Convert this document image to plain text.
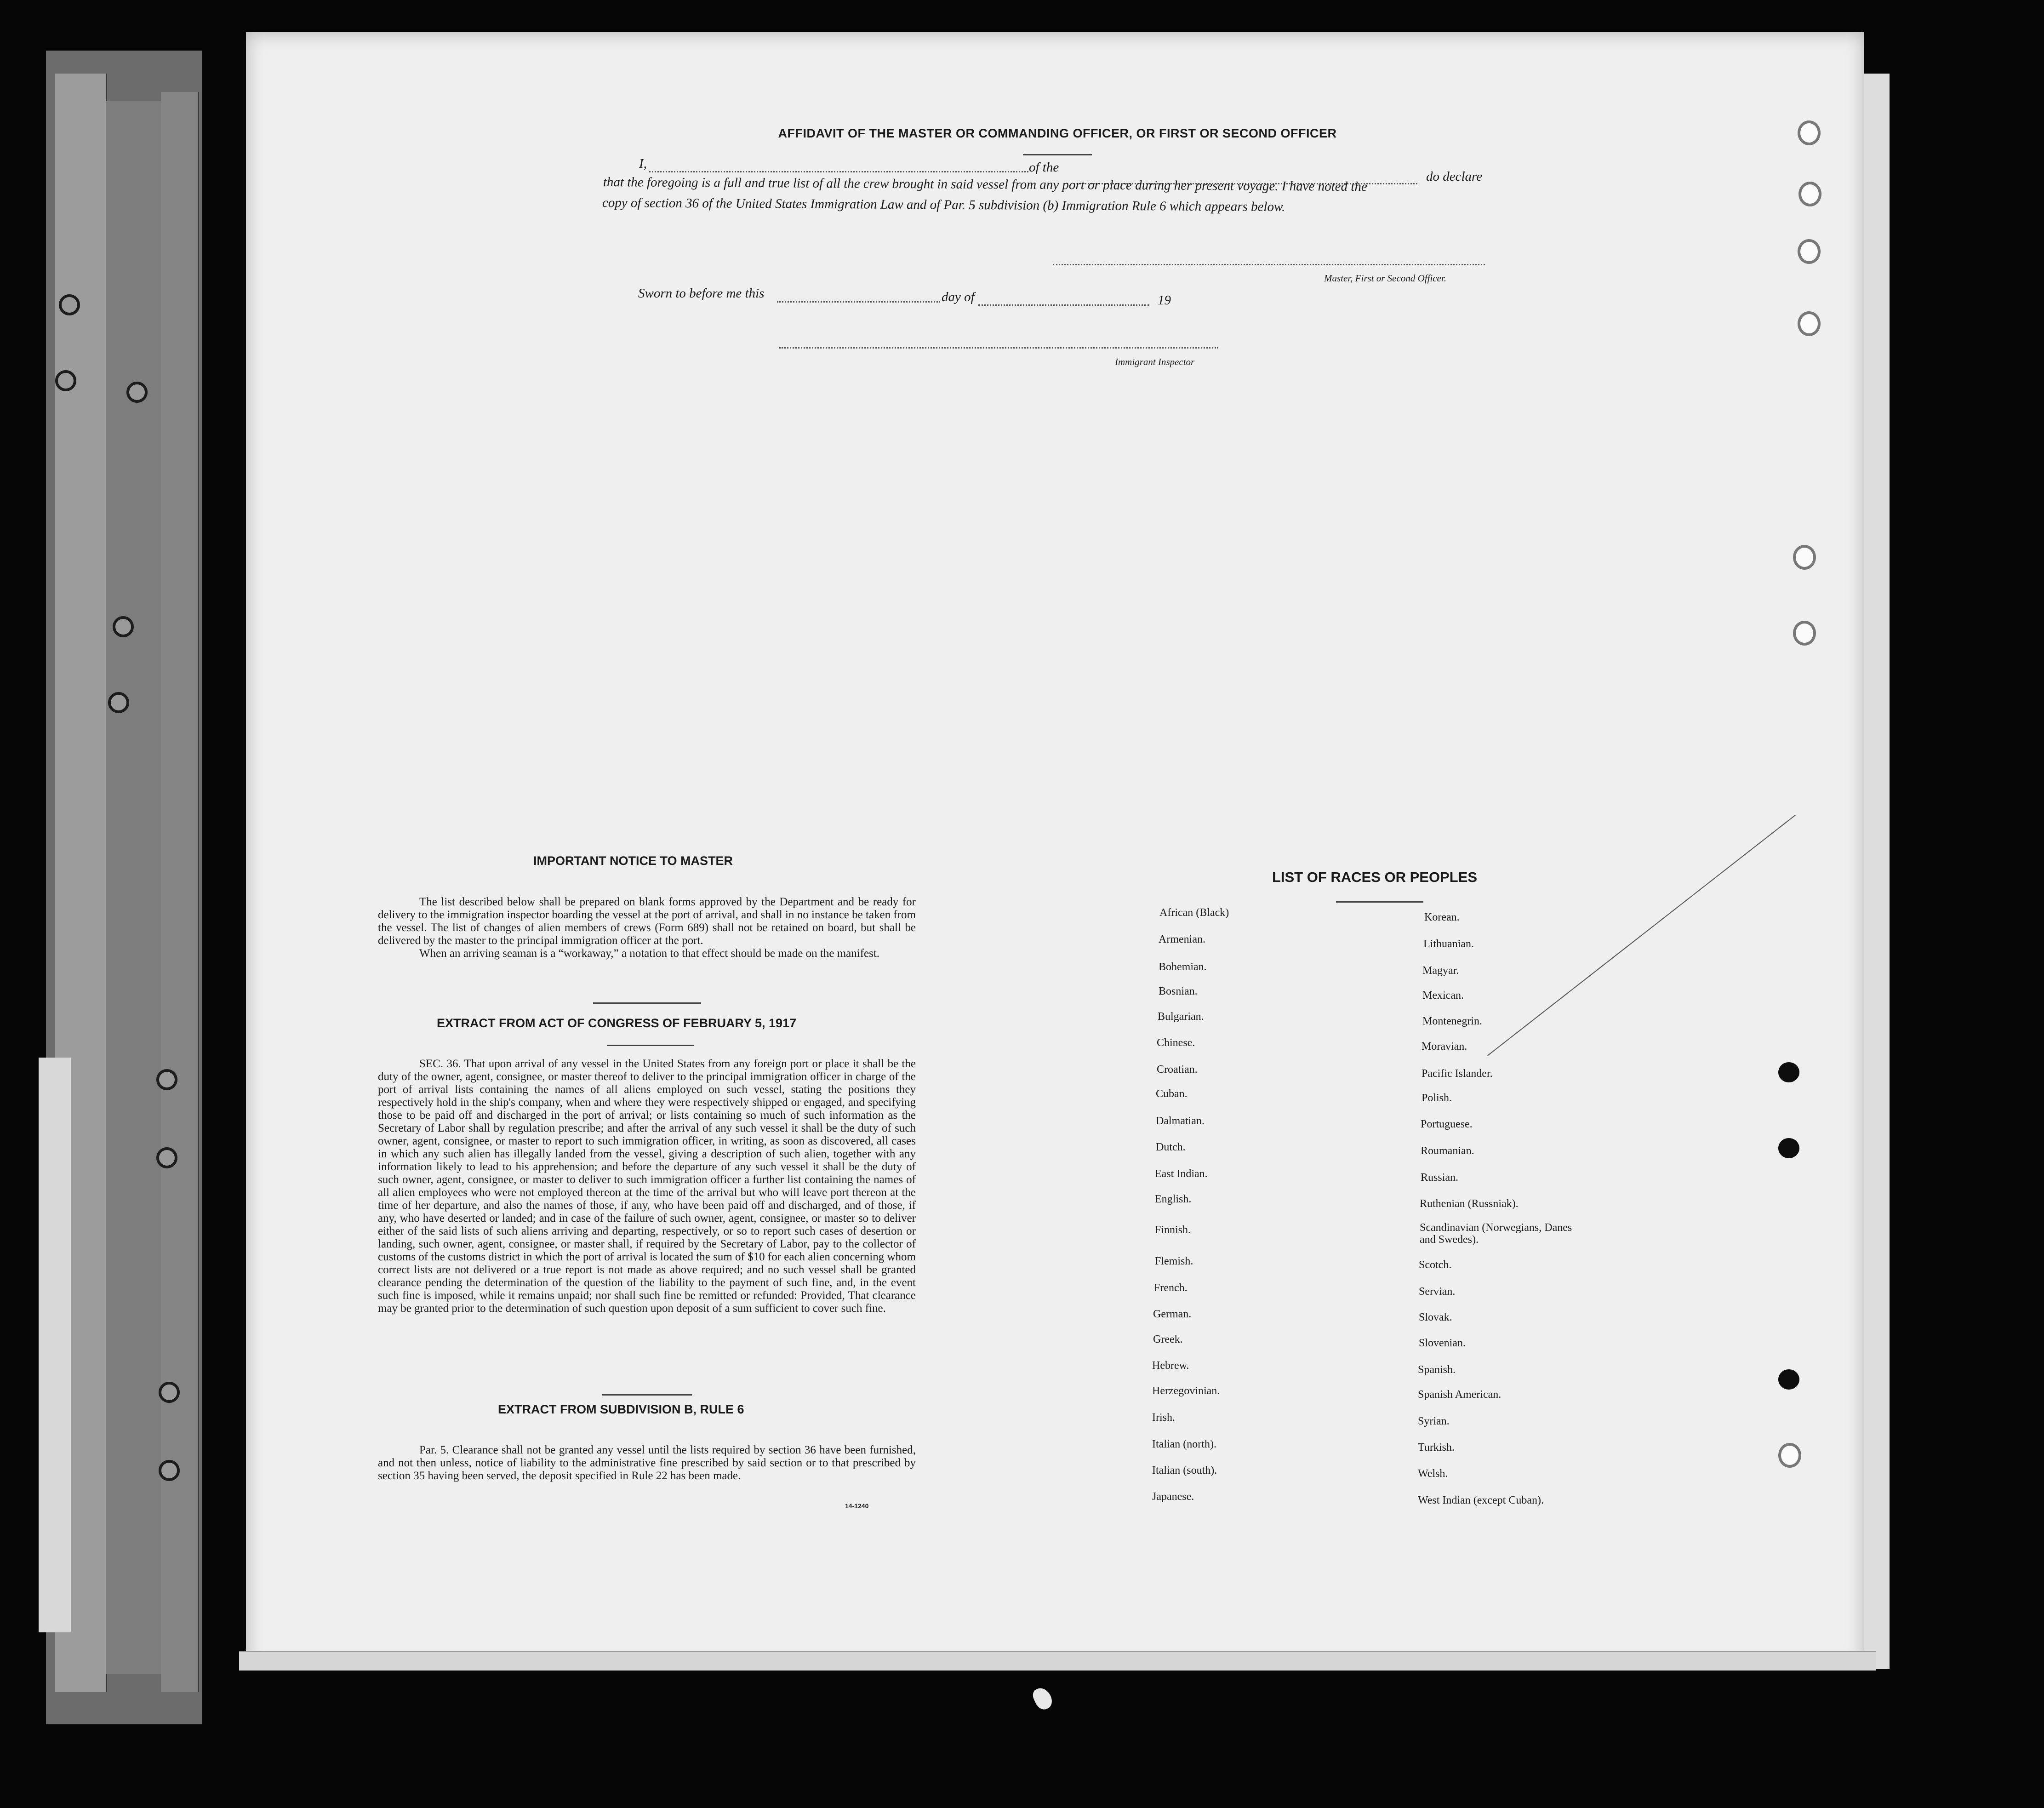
AFFIDAVIT OF THE MASTER OR COMMANDING OFFICER, OR FIRST OR SECOND OFFICER
I,	of the
do declare
that the foregoing is a full and true list of all the crew brought in said vessel from any port or place during her present voyage. I have noted the
copy of section 36 of the United States Immigration Law and of Par. 5 subdivision (b) Immigration Rule 6 which appears below.
Master, First or Second Officer.
Sworn to before me this	day of	19
Immigrant Inspector
IMPORTANT NOTICE TO MASTER

The list described below shall be prepared on blank forms approved by the Department and be ready for delivery to the immigration inspector boarding the vessel at the port of arrival, and shall in no instance be taken from the vessel. The list of changes of alien members of crews (Form 689) shall not be retained on board, but shall be delivered by the master to the principal immigration officer at the port.

When an arriving seaman is a “workaway,” a notation to that effect should be made on the manifest.

EXTRACT FROM ACT OF CONGRESS OF FEBRUARY 5, 1917

SEC. 36. That upon arrival of any vessel in the United States from any foreign port or place it shall be the duty of the owner, agent, consignee, or master thereof to deliver to the principal immigration officer in charge of the port of arrival lists containing the names of all aliens employed on such vessel, stating the positions they respectively hold in the ship's company, when and where they were respectively shipped or engaged, and specifying those to be paid off and discharged in the port of arrival; or lists containing so much of such information as the Secretary of Labor shall by regulation prescribe; and after the arrival of any such vessel it shall be the duty of such owner, agent, consignee, or master to report to such immigration officer, in writing, as soon as discovered, all cases in which any such alien has illegally landed from the vessel, giving a description of such alien, together with any information likely to lead to his apprehension; and before the departure of any such vessel it shall be the duty of such owner, agent, consignee, or master to deliver to such immigration officer a further list containing the names of all alien employees who were not employed thereon at the time of the arrival but who will leave port thereon at the time of her departure, and also the names of those, if any, who have been paid off and discharged, and of those, if any, who have deserted or landed; and in case of the failure of such owner, agent, consignee, or master so to deliver either of the said lists of such aliens arriving and departing, respectively, or so to report such cases of desertion or landing, such owner, agent, consignee, or master shall, if required by the Secretary of Labor, pay to the collector of customs of the customs district in which the port of arrival is located the sum of $10 for each alien concerning whom correct lists are not delivered or a true report is not made as above required; and no such vessel shall be granted clearance pending the determination of the question of the liability to the payment of such fine, and, in the event such fine is imposed, while it remains unpaid; nor shall such fine be remitted or refunded: Provided, That clearance may be granted prior to the determination of such question upon deposit of a sum sufficient to cover such fine.

EXTRACT FROM SUBDIVISION B, RULE 6

Par. 5. Clearance shall not be granted any vessel until the lists required by section 36 have been furnished, and not then unless, notice of liability to the administrative fine prescribed by said section or to that prescribed by section 35 having been served, the deposit specified in Rule 22 has been made.

14-1240
LIST OF RACES OR PEOPLES
African (Black)
Armenian.
Bohemian.
Bosnian.
Bulgarian.
Chinese.
Croatian.
Cuban.
Dalmatian.
Dutch.
East Indian.
English.
Finnish.
Flemish.
French.
German.
Greek.
Hebrew.
Herzegovinian.
Irish.
Italian (north).
Italian (south).
Japanese.
Korean.
Lithuanian.
Magyar.
Mexican.
Montenegrin.
Moravian.
Pacific Islander.
Polish.
Portuguese.
Roumanian.
Russian.
Ruthenian (Russniak).
Scandinavian (Norwegians, Danes and Swedes).
Scotch.
Servian.
Slovak.
Slovenian.
Spanish.
Spanish American.
Syrian.
Turkish.
Welsh.
West Indian (except Cuban).
